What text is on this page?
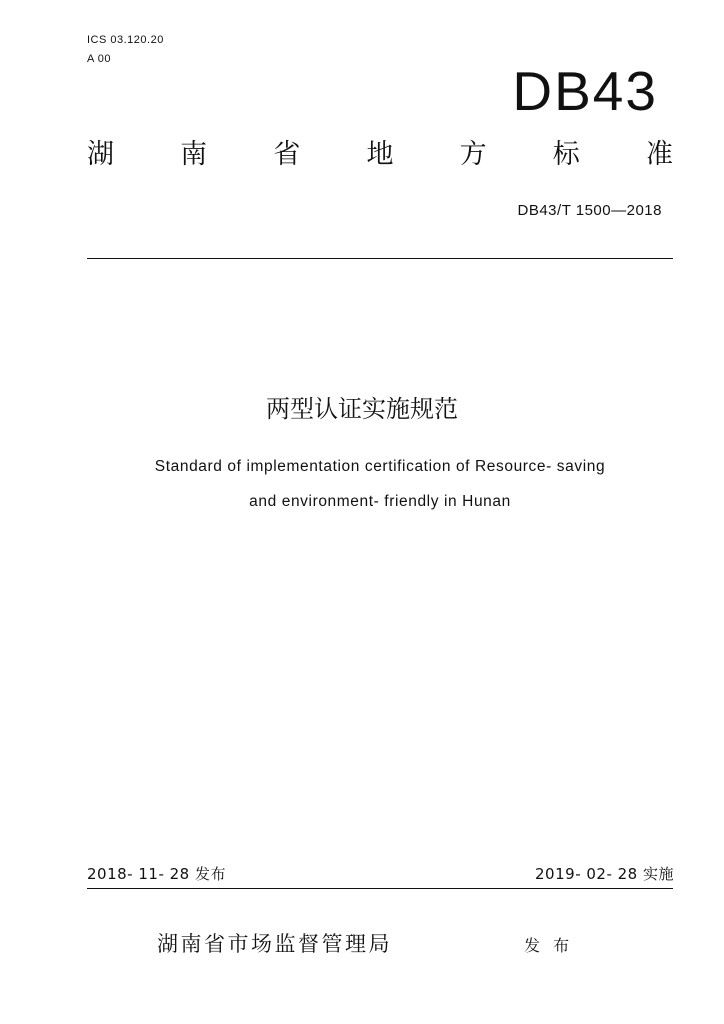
ICS 03.120.20
A 00
DB43
湖 南 省 地 方 标 准
DB43/T 1500—2018
两型认证实施规范
Standard of implementation certification of Resource- saving
and environment- friendly in Hunan
2018- 11- 28 发布	2019- 02- 28 实施
湖南省市场监督管理局	发 布
